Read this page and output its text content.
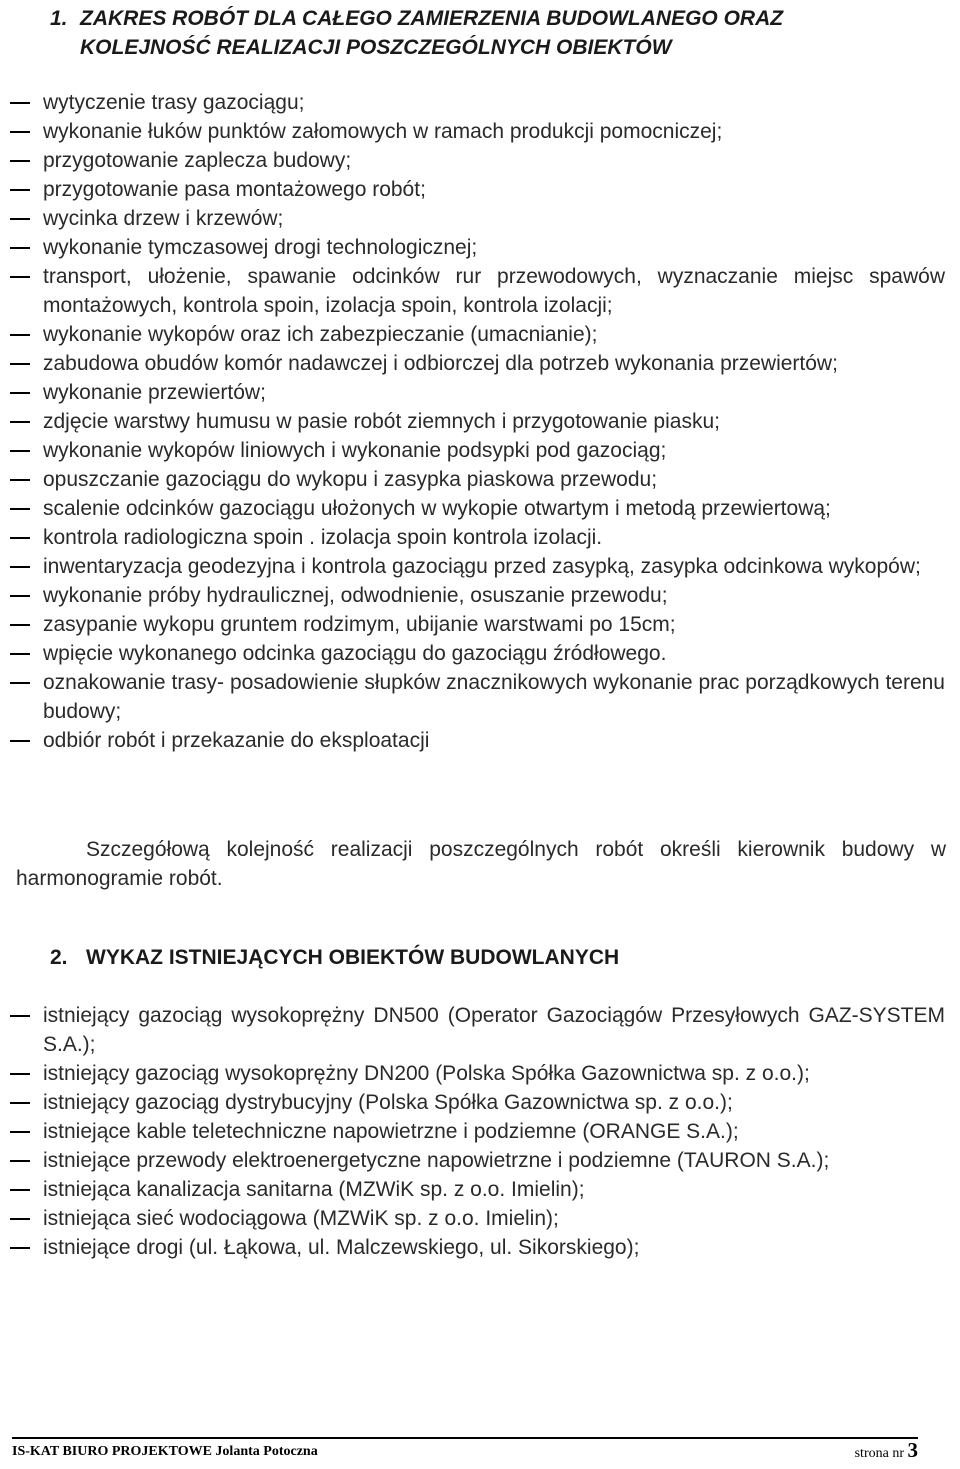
1. ZAKRES ROBÓT DLA CAŁEGO ZAMIERZENIA BUDOWLANEGO ORAZ
KOLEJNOŚĆ REALIZACJI POSZCZEGÓLNYCH OBIEKTÓW
wytyczenie trasy gazociągu;
wykonanie łuków punktów załomowych w ramach produkcji pomocniczej;
przygotowanie zaplecza budowy;
przygotowanie pasa montażowego robót;
wycinka drzew i krzewów;
wykonanie tymczasowej drogi technologicznej;
transport, ułożenie, spawanie odcinków rur przewodowych, wyznaczanie miejsc spawów montażowych, kontrola spoin, izolacja spoin, kontrola izolacji;
wykonanie wykopów oraz ich zabezpieczanie (umacnianie);
zabudowa obudów komór nadawczej i odbiorczej dla potrzeb wykonania przewiertów;
wykonanie przewiertów;
zdjęcie warstwy humusu w pasie robót ziemnych i przygotowanie piasku;
wykonanie wykopów liniowych i wykonanie podsypki pod gazociąg;
opuszczanie gazociągu do wykopu i zasypka piaskowa przewodu;
scalenie odcinków gazociągu ułożonych w wykopie otwartym i metodą przewiertową;
kontrola radiologiczna spoin . izolacja spoin kontrola izolacji.
inwentaryzacja geodezyjna i kontrola gazociągu przed zasypką, zasypka odcinkowa wykopów;
wykonanie próby hydraulicznej, odwodnienie, osuszanie przewodu;
zasypanie wykopu gruntem rodzimym, ubijanie warstwami po 15cm;
wpięcie wykonanego odcinka gazociągu do gazociągu źródłowego.
oznakowanie trasy- posadowienie słupków znacznikowych wykonanie prac porządkowych terenu budowy;
odbiór robót i przekazanie do eksploatacji

Szczegółową kolejność realizacji poszczególnych robót określi kierownik budowy w harmonogramie robót.

2. WYKAZ ISTNIEJĄCYCH OBIEKTÓW BUDOWLANYCH
istniejący gazociąg wysokoprężny DN500 (Operator Gazociągów Przesyłowych GAZ-SYSTEM S.A.);
istniejący gazociąg wysokoprężny DN200 (Polska Spółka Gazownictwa sp. z o.o.);
istniejący gazociąg dystrybucyjny (Polska Spółka Gazownictwa sp. z o.o.);
istniejące kable teletechniczne napowietrzne i podziemne (ORANGE S.A.);
istniejące przewody elektroenergetyczne napowietrzne i podziemne (TAURON S.A.);
istniejąca kanalizacja sanitarna (MZWiK sp. z o.o. Imielin);
istniejąca sieć wodociągowa (MZWiK sp. z o.o. Imielin);
istniejące drogi (ul. Łąkowa, ul. Malczewskiego, ul. Sikorskiego);
IS-KAT BIURO PROJEKTOWE Jolanta Potoczna	strona nr 3
